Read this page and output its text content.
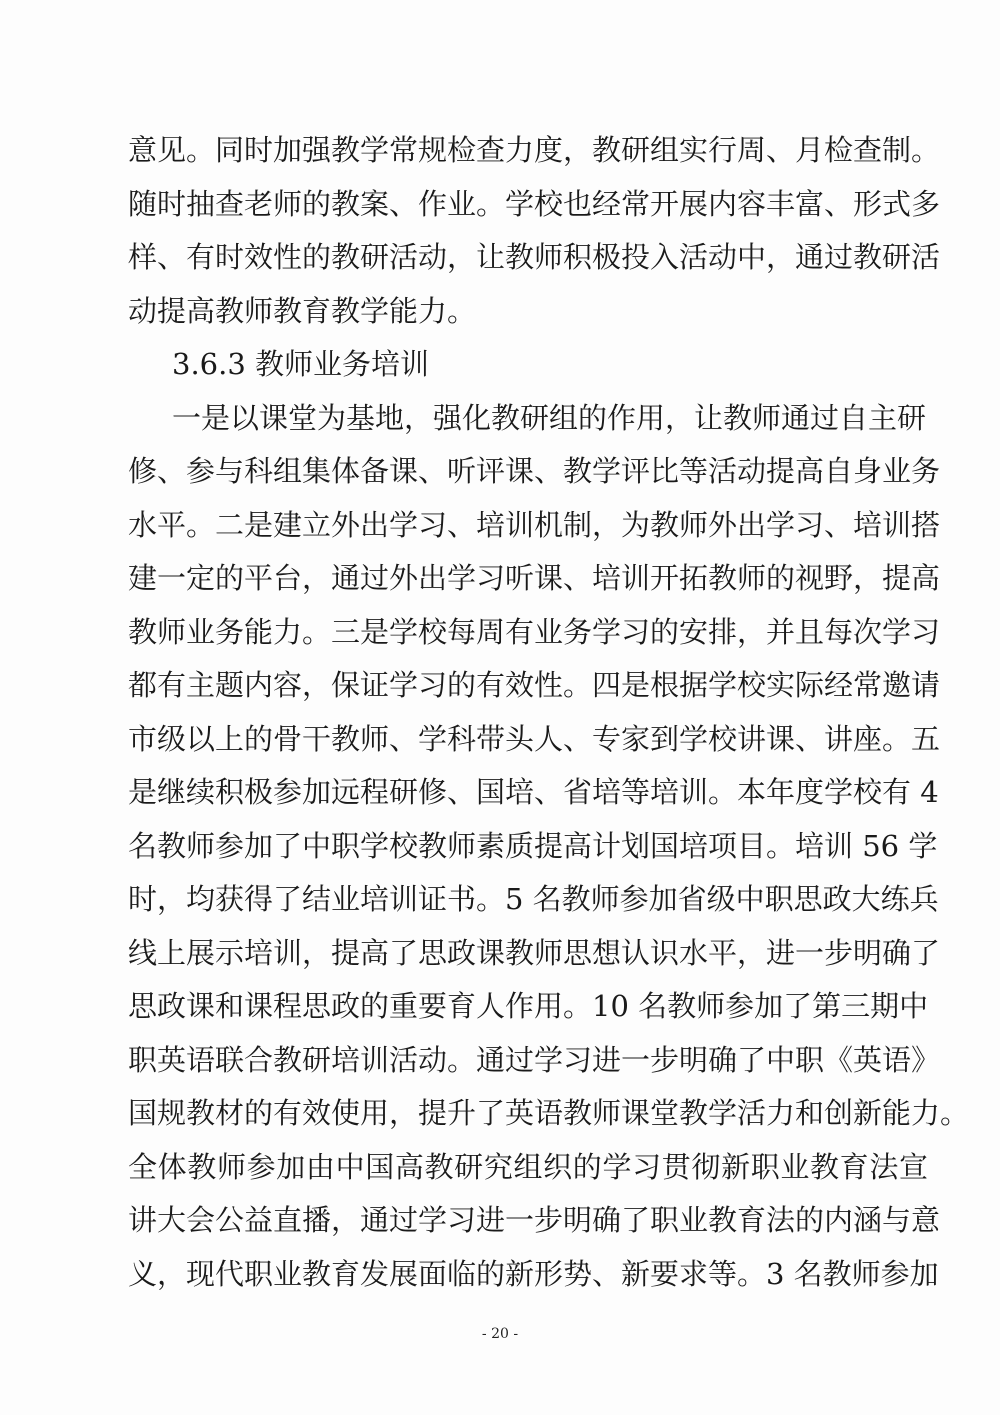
意见。同时加强教学常规检查力度，教研组实行周、月检查制。
随时抽查老师的教案、作业。学校也经常开展内容丰富、形式多
样、有时效性的教研活动，让教师积极投入活动中，通过教研活
动提高教师教育教学能力。
3.6.3 教师业务培训
一是以课堂为基地，强化教研组的作用，让教师通过自主研
修、参与科组集体备课、听评课、教学评比等活动提高自身业务
水平。二是建立外出学习、培训机制，为教师外出学习、培训搭
建一定的平台，通过外出学习听课、培训开拓教师的视野，提高
教师业务能力。三是学校每周有业务学习的安排，并且每次学习
都有主题内容，保证学习的有效性。四是根据学校实际经常邀请
市级以上的骨干教师、学科带头人、专家到学校讲课、讲座。五
是继续积极参加远程研修、国培、省培等培训。本年度学校有 4
名教师参加了中职学校教师素质提高计划国培项目。培训 56 学
时，均获得了结业培训证书。5 名教师参加省级中职思政大练兵
线上展示培训，提高了思政课教师思想认识水平，进一步明确了
思政课和课程思政的重要育人作用。10 名教师参加了第三期中
职英语联合教研培训活动。通过学习进一步明确了中职《英语》
国规教材的有效使用，提升了英语教师课堂教学活力和创新能力。
全体教师参加由中国高教研究组织的学习贯彻新职业教育法宣
讲大会公益直播，通过学习进一步明确了职业教育法的内涵与意
义，现代职业教育发展面临的新形势、新要求等。3 名教师参加
- 20 -
